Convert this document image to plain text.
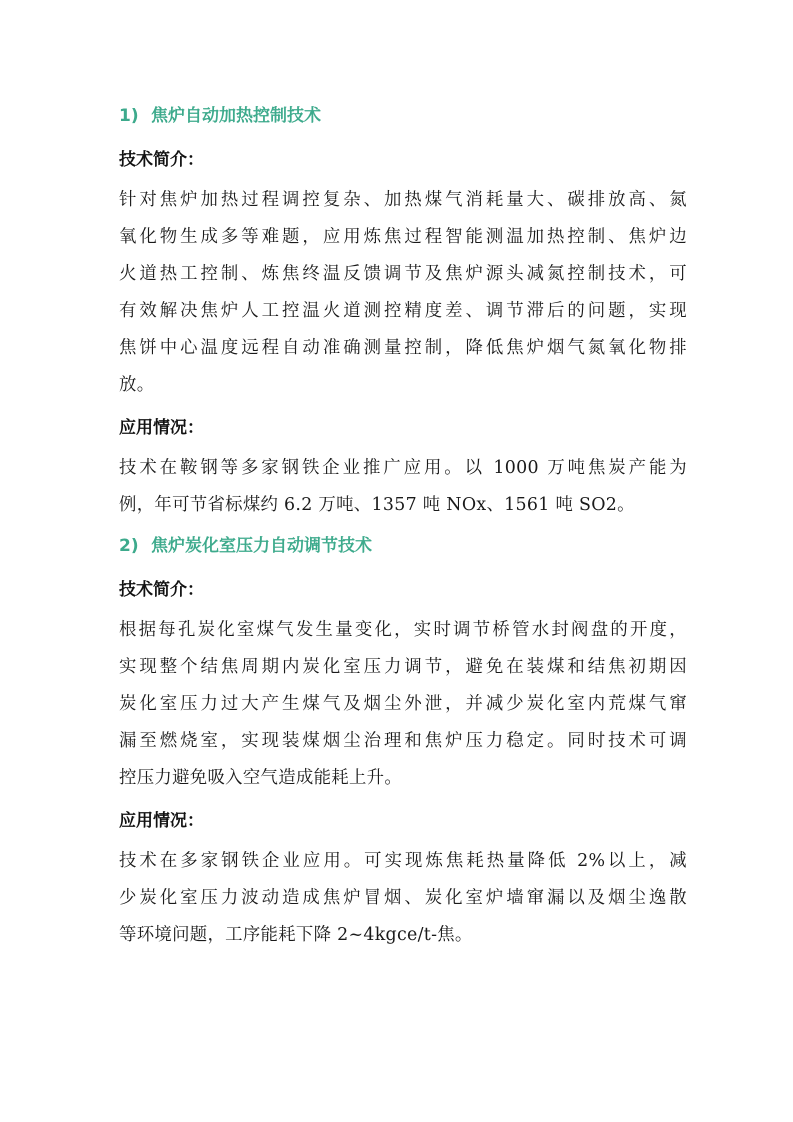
1) 焦炉自动加热控制技术
技术简介：
针对焦炉加热过程调控复杂、加热煤气消耗量大、碳排放高、氮
氧化物生成多等难题，应用炼焦过程智能测温加热控制、焦炉边
火道热工控制、炼焦终温反馈调节及焦炉源头减氮控制技术，可
有效解决焦炉人工控温火道测控精度差、调节滞后的问题，实现
焦饼中心温度远程自动准确测量控制，降低焦炉烟气氮氧化物排
放。
应用情况：
技术在鞍钢等多家钢铁企业推广应用。以 1000 万吨焦炭产能为
例，年可节省标煤约 6.2 万吨、1357 吨 NOx、1561 吨 SO2。
2) 焦炉炭化室压力自动调节技术
技术简介：
根据每孔炭化室煤气发生量变化，实时调节桥管水封阀盘的开度，
实现整个结焦周期内炭化室压力调节，避免在装煤和结焦初期因
炭化室压力过大产生煤气及烟尘外泄，并减少炭化室内荒煤气窜
漏至燃烧室，实现装煤烟尘治理和焦炉压力稳定。同时技术可调
控压力避免吸入空气造成能耗上升。
应用情况：
技术在多家钢铁企业应用。可实现炼焦耗热量降低 2%以上，减
少炭化室压力波动造成焦炉冒烟、炭化室炉墙窜漏以及烟尘逸散
等环境问题，工序能耗下降 2~4kgce/t-焦。
